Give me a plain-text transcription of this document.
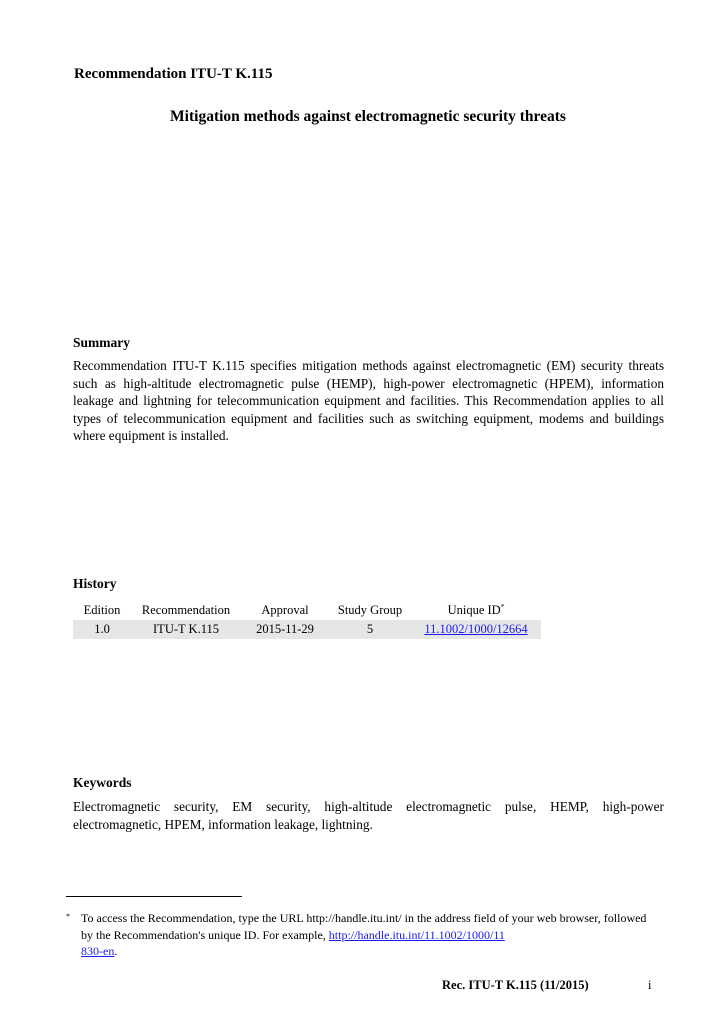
Recommendation ITU-T K.115
Mitigation methods against electromagnetic security threats
Summary

Recommendation ITU-T K.115 specifies mitigation methods against electromagnetic (EM) security threats such as high-altitude electromagnetic pulse (HEMP), high-power electromagnetic (HPEM), information leakage and lightning for telecommunication equipment and facilities. This Recommendation applies to all types of telecommunication equipment and facilities such as switching equipment, modems and buildings where equipment is installed.

History
Edition	Recommendation	Approval	Study Group	Unique ID*
1.0	ITU-T K.115	2015-11-29	5	11.1002/1000/12664
Keywords

Electromagnetic security, EM security, high-altitude electromagnetic pulse, HEMP, high-power electromagnetic, HPEM, information leakage, lightning.

* To access the Recommendation, type the URL http://handle.itu.int/ in the address field of your web browser, followed by the Recommendation's unique ID. For example, http://handle.itu.int/11.1002/1000/11
830-en.
Rec. ITU-T K.115 (11/2015)	i
